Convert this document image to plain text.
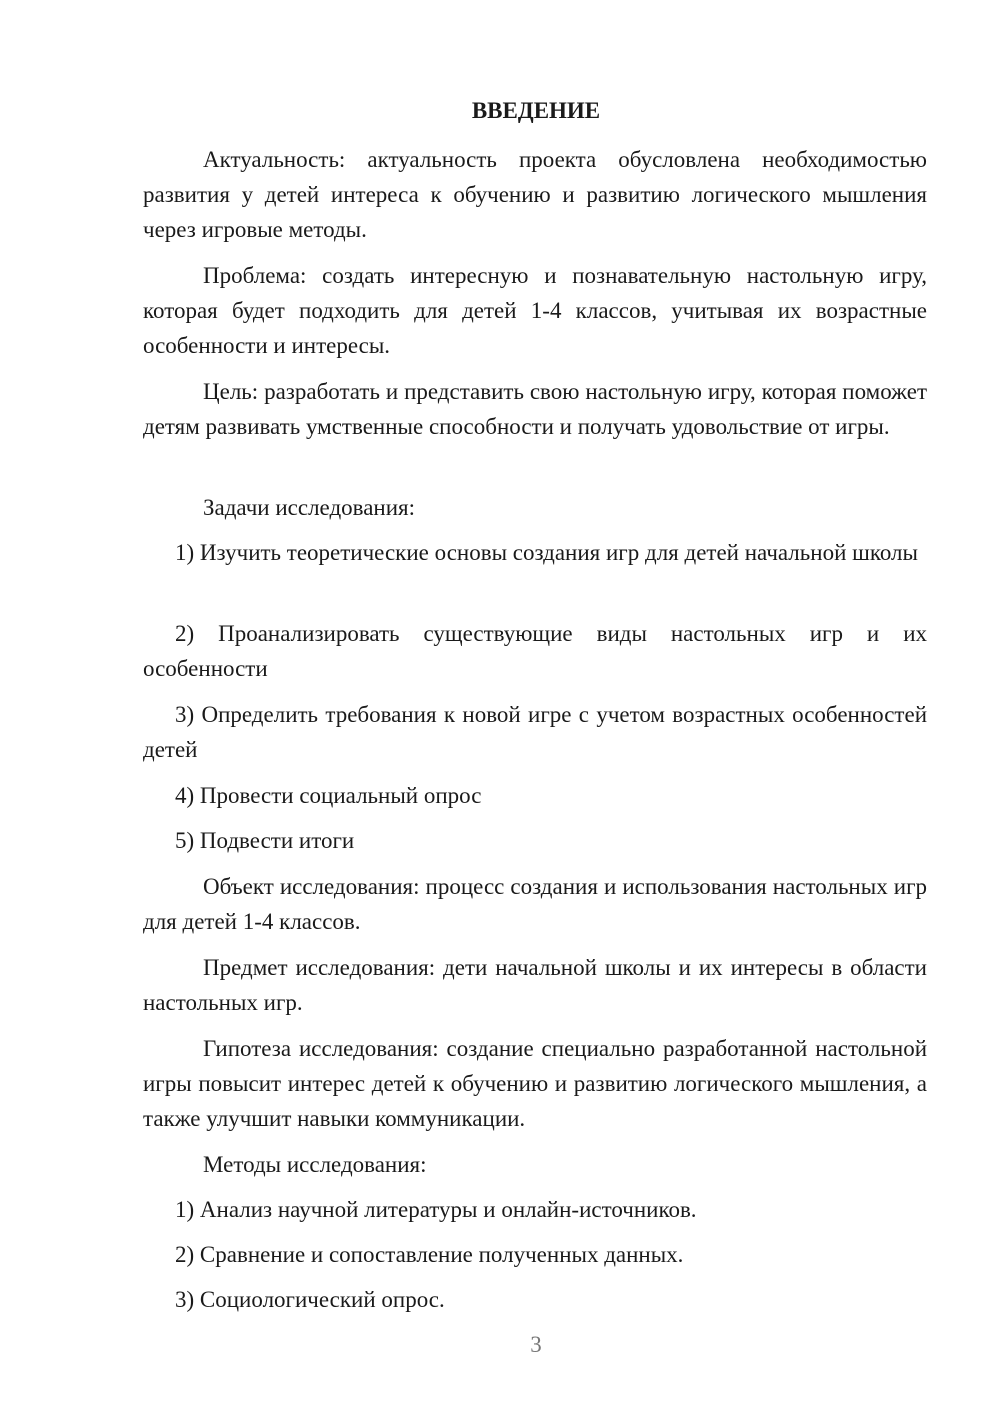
ВВЕДЕНИЕ

Актуальность: актуальность проекта обусловлена необходимостью развития у детей интереса к обучению и развитию логического мышления через игровые методы.

Проблема: создать интересную и познавательную настольную игру, которая будет подходить для детей 1-4 классов, учитывая их возрастные особенности и интересы.

Цель: разработать и представить свою настольную игру, которая поможет детям развивать умственные способности и получать удовольствие от игры.

Задачи исследования:

1) Изучить теоретические основы создания игр для детей начальной школы

2) Проанализировать существующие виды настольных игр и их особенности

3) Определить требования к новой игре с учетом возрастных особенностей детей

4) Провести социальный опрос

5) Подвести итоги

Объект исследования: процесс создания и использования настольных игр для детей 1-4 классов.

Предмет исследования: дети начальной школы и их интересы в области настольных игр.

Гипотеза исследования: создание специально разработанной настольной игры повысит интерес детей к обучению и развитию логического мышления, а также улучшит навыки коммуникации.

Методы исследования:

1) Анализ научной литературы и онлайн-источников.

2) Сравнение и сопоставление полученных данных.

3) Социологический опрос.

3
